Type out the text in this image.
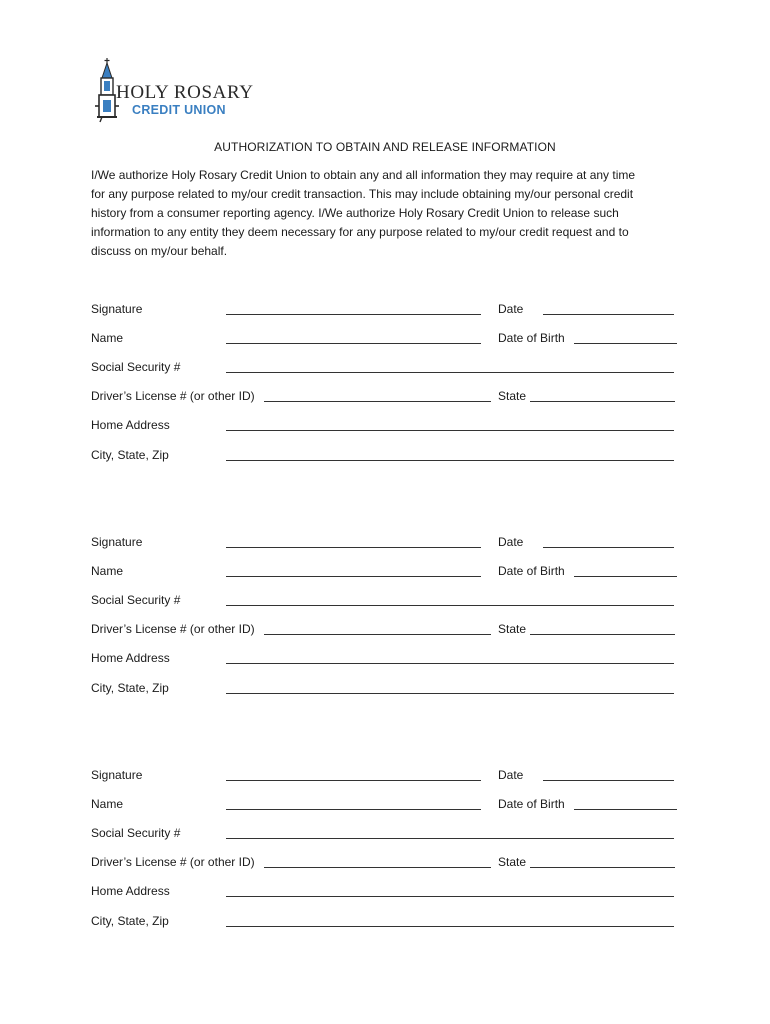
HOLY ROSARY
CREDIT UNION
AUTHORIZATION TO OBTAIN AND RELEASE INFORMATION
I/We authorize Holy Rosary Credit Union to obtain any and all information they may require at any time
for any purpose related to my/our credit transaction. This may include obtaining my/our personal credit
history from a consumer reporting agency. I/We authorize Holy Rosary Credit Union to release such
information to any entity they deem necessary for any purpose related to my/our credit request and to
discuss on my/our behalf.
Signature	Date
Name	Date of Birth
Social Security #
Driver’s License # (or other ID)	State
Home Address
City, State, Zip
Signature	Date
Name	Date of Birth
Social Security #
Driver’s License # (or other ID)	State
Home Address
City, State, Zip
Signature	Date
Name	Date of Birth
Social Security #
Driver’s License # (or other ID)	State
Home Address
City, State, Zip
